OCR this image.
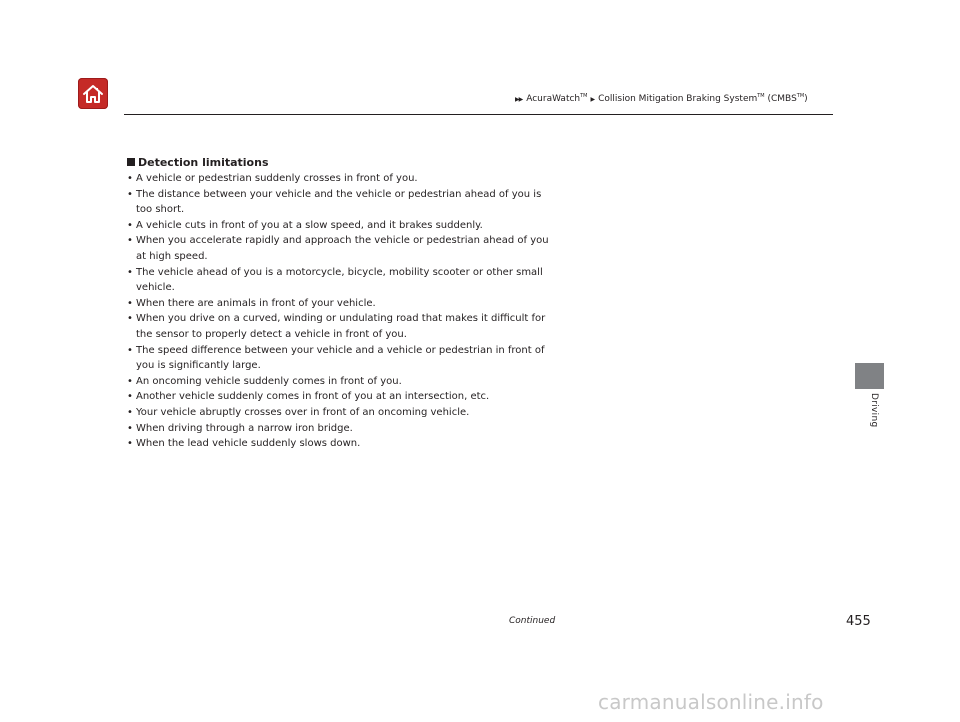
▶▶ AcuraWatch™ ▶ Collision Mitigation Braking System™ (CMBS™)
Detection limitations
• A vehicle or pedestrian suddenly crosses in front of you.
• The distance between your vehicle and the vehicle or pedestrian ahead of you is too short.
• A vehicle cuts in front of you at a slow speed, and it brakes suddenly.
• When you accelerate rapidly and approach the vehicle or pedestrian ahead of you at high speed.
• The vehicle ahead of you is a motorcycle, bicycle, mobility scooter or other small vehicle.
• When there are animals in front of your vehicle.
• When you drive on a curved, winding or undulating road that makes it difficult for the sensor to properly detect a vehicle in front of you.
• The speed difference between your vehicle and a vehicle or pedestrian in front of you is significantly large.
• An oncoming vehicle suddenly comes in front of you.
• Another vehicle suddenly comes in front of you at an intersection, etc.
• Your vehicle abruptly crosses over in front of an oncoming vehicle.
• When driving through a narrow iron bridge.
• When the lead vehicle suddenly slows down.
Driving
Continued	455
carmanualsonline.info
